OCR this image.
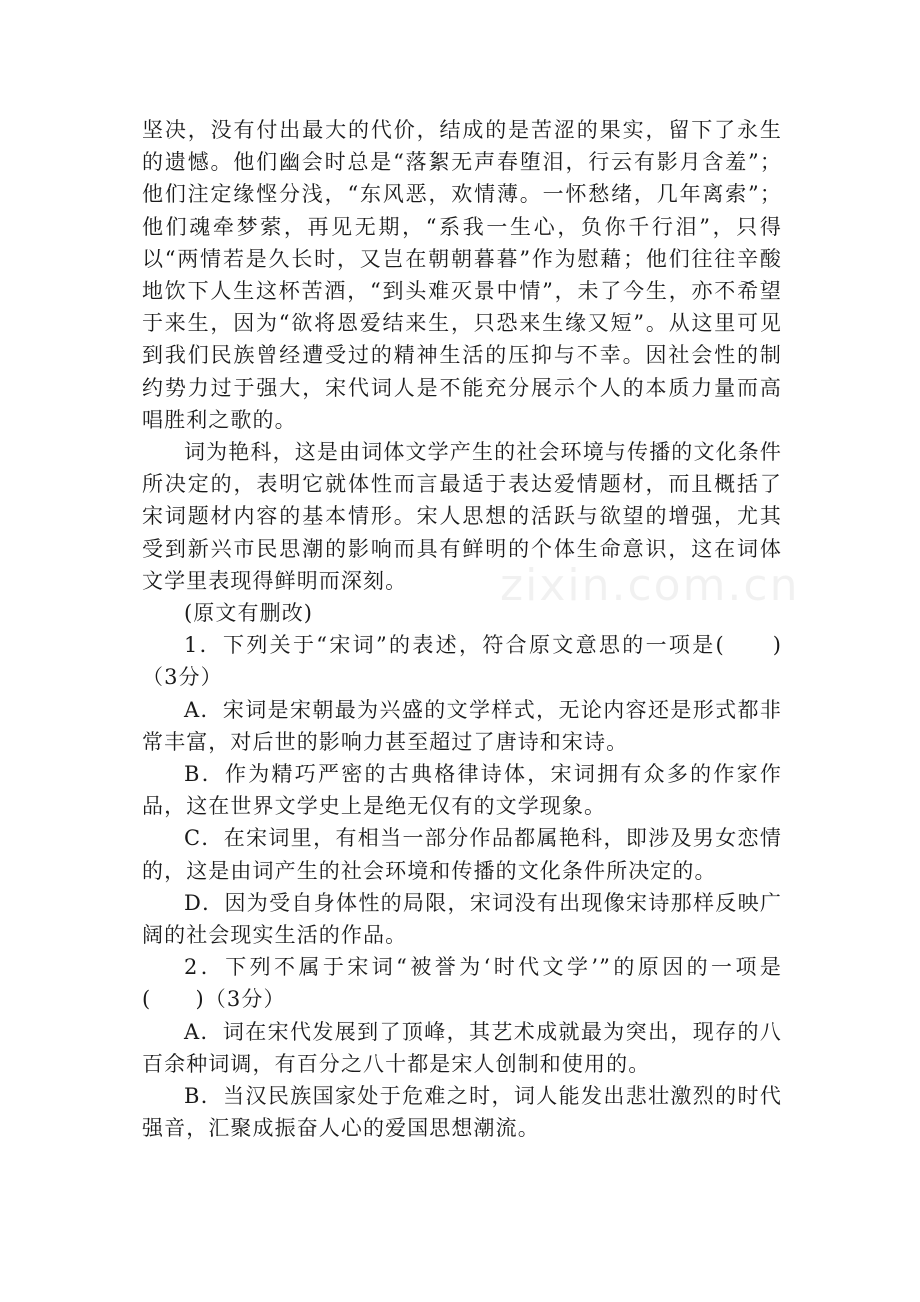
zixin.com.cn

坚决，没有付出最大的代价，结成的是苦涩的果实，留下了永生的遗憾。他们幽会时总是“落絮无声春堕泪，行云有影月含羞”；他们注定缘悭分浅，“东风恶，欢情薄。一怀愁绪，几年离索”；他们魂牵梦萦，再见无期，“系我一生心，负你千行泪”，只得以“两情若是久长时，又岂在朝朝暮暮”作为慰藉；他们往往辛酸地饮下人生这杯苦酒，“到头难灭景中情”，未了今生，亦不希望于来生，因为“欲将恩爱结来生，只恐来生缘又短”。从这里可见到我们民族曾经遭受过的精神生活的压抑与不幸。因社会性的制约势力过于强大，宋代词人是不能充分展示个人的本质力量而高唱胜利之歌的。

词为艳科，这是由词体文学产生的社会环境与传播的文化条件所决定的，表明它就体性而言最适于表达爱情题材，而且概括了宋词题材内容的基本情形。宋人思想的活跃与欲望的增强，尤其受到新兴市民思潮的影响而具有鲜明的个体生命意识，这在词体文学里表现得鲜明而深刻。

(原文有删改)

1．下列关于“宋词”的表述，符合原文意思的一项是(　　)（3分）

A．宋词是宋朝最为兴盛的文学样式，无论内容还是形式都非常丰富，对后世的影响力甚至超过了唐诗和宋诗。

B．作为精巧严密的古典格律诗体，宋词拥有众多的作家作品，这在世界文学史上是绝无仅有的文学现象。

C．在宋词里，有相当一部分作品都属艳科，即涉及男女恋情的，这是由词产生的社会环境和传播的文化条件所决定的。

D．因为受自身体性的局限，宋词没有出现像宋诗那样反映广阔的社会现实生活的作品。

2．下列不属于宋词“被誉为‘时代文学’”的原因的一项是(　　)（3分）

A．词在宋代发展到了顶峰，其艺术成就最为突出，现存的八百余种词调，有百分之八十都是宋人创制和使用的。

B．当汉民族国家处于危难之时，词人能发出悲壮激烈的时代强音，汇聚成振奋人心的爱国思想潮流。
